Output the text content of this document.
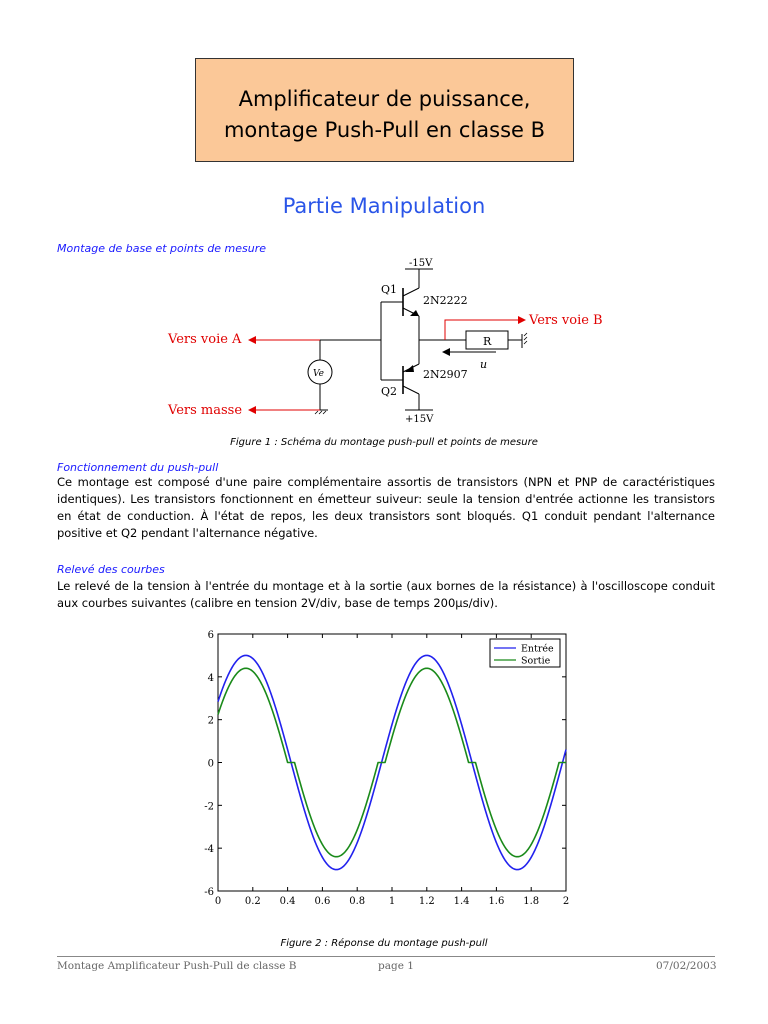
Amplificateur de puissance,
montage Push-Pull en classe B
Partie Manipulation
Montage de base et points de mesure
-15V
Q1
2N2222
2N2907
Q2
+15V
R
u
Vers voie B
Ve
Vers voie A
Vers masse
Figure 1 : Schéma du montage push-pull et points de mesure
Fonctionnement du push-pull

Ce montage est composé d'une paire complémentaire assortis de transistors (NPN et PNP de caractéristiques identiques). Les transistors fonctionnent en émetteur suiveur: seule la tension d'entrée actionne les transistors en état de conduction. À l'état de repos, les deux transistors sont bloqués. Q1 conduit pendant l'alternance positive et Q2 pendant l'alternance négative.

Relevé des courbes

Le relevé de la tension à l'entrée du montage et à la sortie (aux bornes de la résistance) à l'oscilloscope conduit aux courbes suivantes (calibre en tension 2V/div, base de temps 200µs/div).

0 0.2 0.4 0.6 0.8 1 1.2 1.4 1.6 1.8 2
6
4
2
0
-2
-4
-6
Entrée
Sortie
Figure 2 : Réponse du montage push-pull
Montage Amplificateur Push-Pull de classe B	page 1	07/02/2003
